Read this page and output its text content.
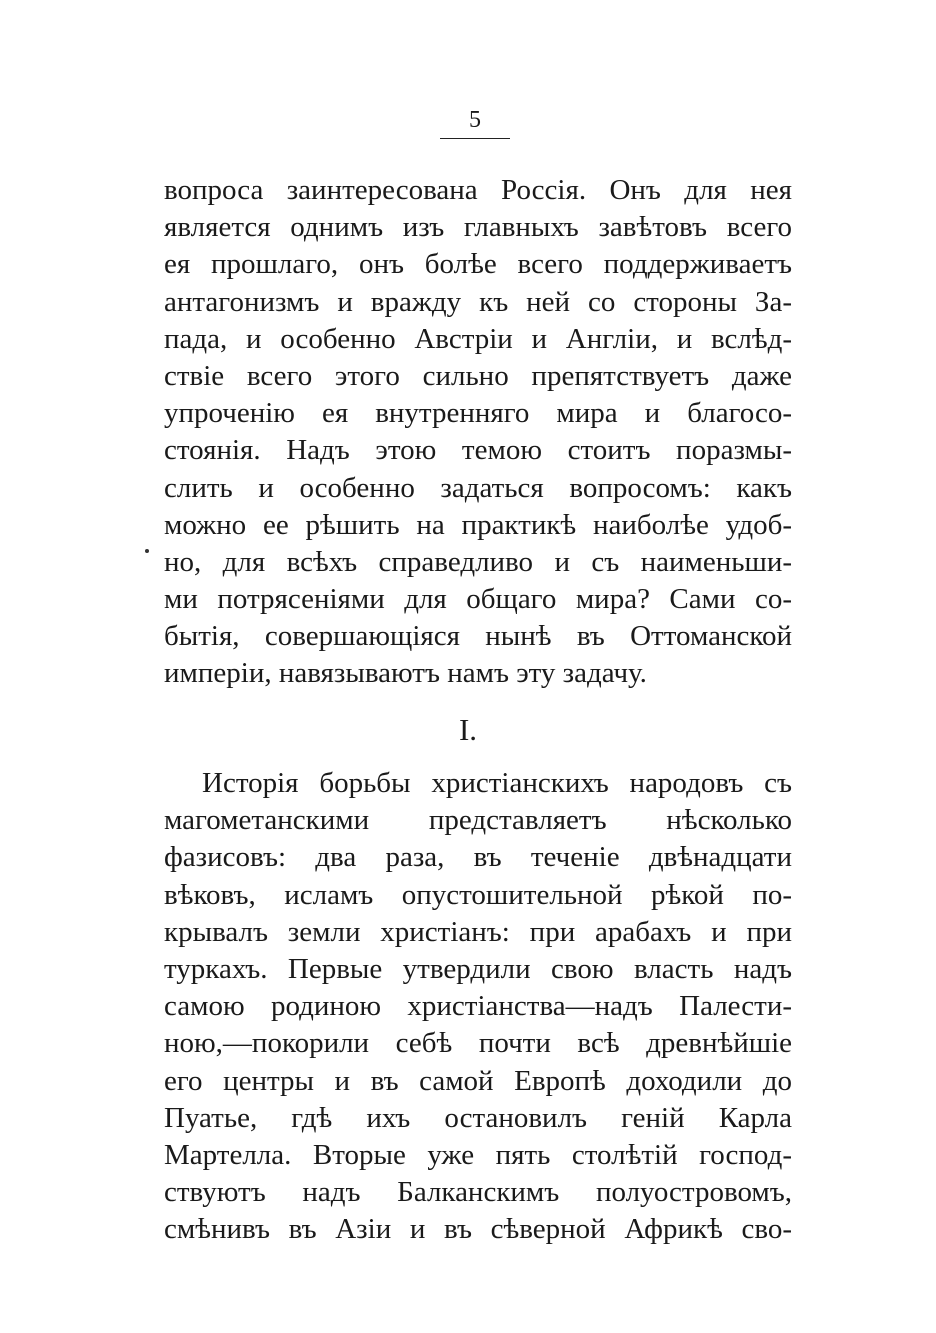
5
вопроса заинтересована Россія. Онъ для нея
является однимъ изъ главныхъ завѣтовъ всего
ея прошлаго, онъ болѣе всего поддерживаетъ
антагонизмъ и вражду къ ней со стороны За-
пада, и особенно Австріи и Англіи, и вслѣд-
ствіе всего этого сильно препятствуетъ даже
упроченію ея внутренняго мира и благосо-
стоянія. Надъ этою темою стоитъ поразмы-
слить и особенно задаться вопросомъ: какъ
можно ее рѣшить на практикѣ наиболѣе удоб-
но, для всѣхъ справедливо и съ наименьши-
ми потрясеніями для общаго мира? Сами со-
бытія, совершающіяся нынѣ въ Оттоманской
имперіи, навязываютъ намъ эту задачу.
I.
Исторія борьбы христіанскихъ народовъ съ
магометанскими представляетъ нѣсколько
фазисовъ: два раза, въ теченіе двѣнадцати
вѣковъ, исламъ опустошительной рѣкой по-
крывалъ земли христіанъ: при арабахъ и при
туркахъ. Первые утвердили свою власть надъ
самою родиною христіанства—надъ Палести-
ною,—покорили себѣ почти всѣ древнѣйшіе
его центры и въ самой Европѣ доходили до
Пуатье, гдѣ ихъ остановилъ геній Карла
Мартелла. Вторые уже пять столѣтій господ-
ствуютъ надъ Балканскимъ полуостровомъ,
смѣнивъ въ Азіи и въ сѣверной Африкѣ сво-
